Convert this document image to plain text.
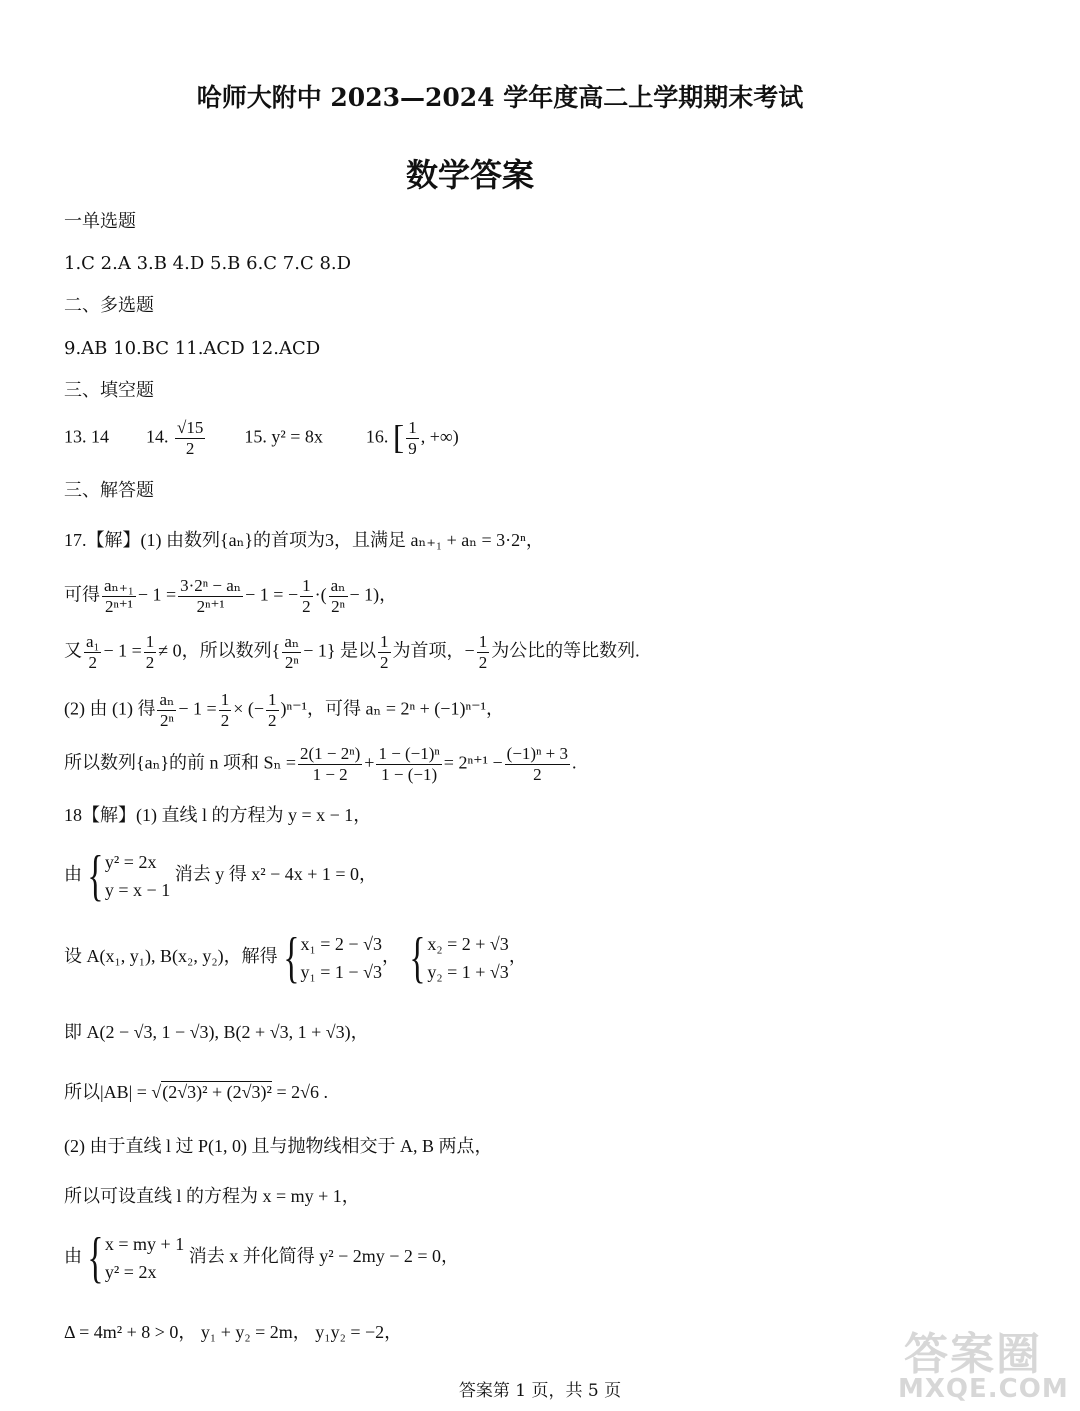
哈师大附中 2023—2024 学年度高二上学期期末考试
数学答案
一单选题
1.C 2.A 3.B 4.D 5.B 6.C 7.C 8.D
二、多选题
9.AB 10.BC 11.ACD 12.ACD
三、填空题
13. 14 14. $\frac{√15}{2} 15$. y² = 8x 16. [ $\frac{1}{9}$ , +∞)
三、解答题
17.【解】(1) 由数列{aₙ}的首项为3，且满足 aₙ₊₁ + aₙ = 3·2ⁿ，
可得 $\frac{\text{aₙ₊₁}}{\text{2ⁿ⁺¹}} - 1 = \frac{\text{3·2ⁿ − aₙ}}{\text{2ⁿ⁺¹}} - 1$ = − $\frac{1}{2}$ ·( $\frac{\text{aₙ}}{\text{2ⁿ}} - 1$)，
又 $\frac{\text{a₁}}{2} - 1 = \frac{1}{2} \ne 0$，所以数列{ $\frac{\text{aₙ}}{\text{2ⁿ}} - 1$} 是以 $\frac{1}{2}$ 为首项，− $\frac{1}{2}$ 为公比的等比数列.
(2) 由 (1) 得 $\frac{\text{aₙ}}{\text{2ⁿ}} - 1 = \frac{1}{2}$ × (− $\frac{1}{2} )^{n-1}$，可得 aₙ = 2ⁿ + (−1)ⁿ⁻¹，
所以数列{aₙ}的前 n 项和 $S_n = \frac{\text{2(1 − 2ⁿ)}}{1 - 2} + \frac{\text{1 − (−1)ⁿ}}{1 - (-1)} = 2^{n+1} - \frac{\text{(−1)ⁿ + 3}}{2}$ .
18【解】(1) 直线 l 的方程为 y = x − 1，
由{ y² = 2x
y = x − 1
消去 y 得 x² − 4x + 1 = 0，
设 A(x₁, y₁), B(x₂, y₂)，解得{ x₁ = 2 − √3
y₁ = 1 − √3
， { x₂ = 2 + √3
y₂ = 1 + √3
，
即 A(2 − √3, 1 − √3), B(2 + √3, 1 + √3)，
所以|AB| = √(2√3)² + (2√3)² = 2√6 .
(2) 由于直线 l 过 P(1, 0) 且与抛物线相交于 A, B 两点，
所以可设直线 l 的方程为 x = my + 1，
由{ x = my + 1
y² = 2x
消去 x 并化简得 y² − 2my − 2 = 0，
Δ = 4m² + 8 > 0， y₁ + y₂ = 2m， y₁y₂ = −2，
答案第 1 页，共 5 页
答案圈
MXQE.COM
